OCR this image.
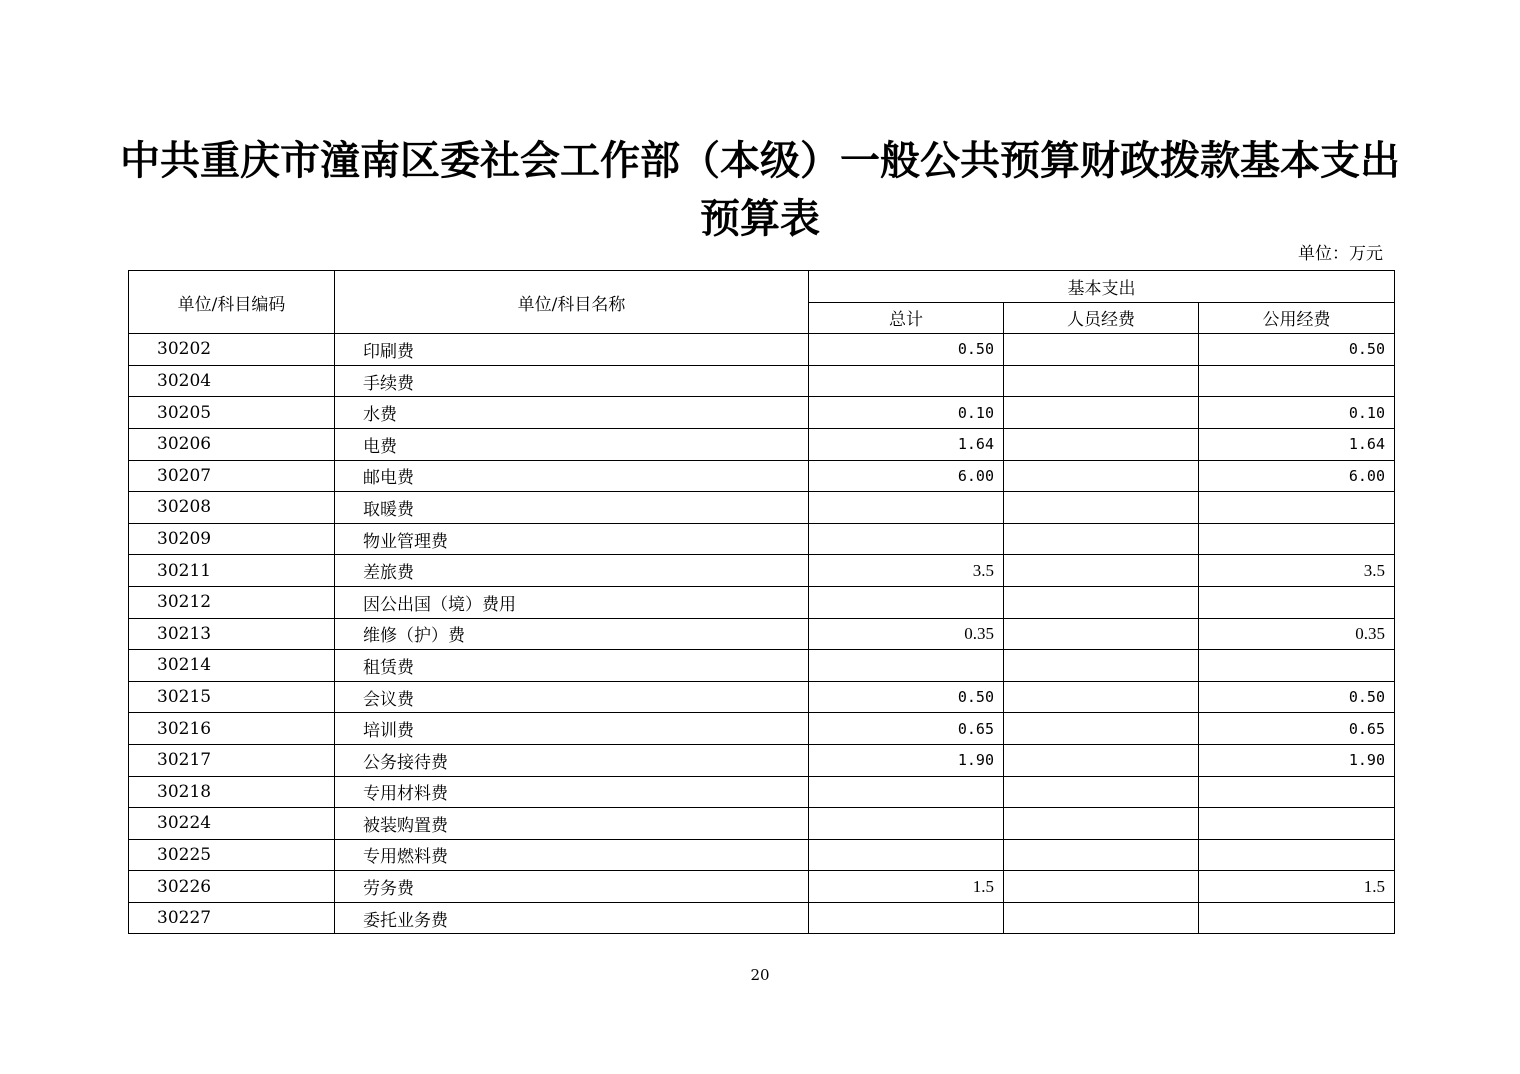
中共重庆市潼南区委社会工作部（本级）一般公共预算财政拨款基本支出预算表
单位：万元
单位/科目编码	单位/科目名称	基本支出		
		总计	人员经费	公用经费
30202	印刷费	0.50		0.50
30204	手续费			
30205	水费	0.10		0.10
30206	电费	1.64		1.64
30207	邮电费	6.00		6.00
30208	取暖费			
30209	物业管理费			
30211	差旅费	3.5		3.5
30212	因公出国（境）费用			
30213	维修（护）费	0.35		0.35
30214	租赁费			
30215	会议费	0.50		0.50
30216	培训费	0.65		0.65
30217	公务接待费	1.90		1.90
30218	专用材料费			
30224	被装购置费			
30225	专用燃料费			
30226	劳务费	1.5		1.5
30227	委托业务费			
20
